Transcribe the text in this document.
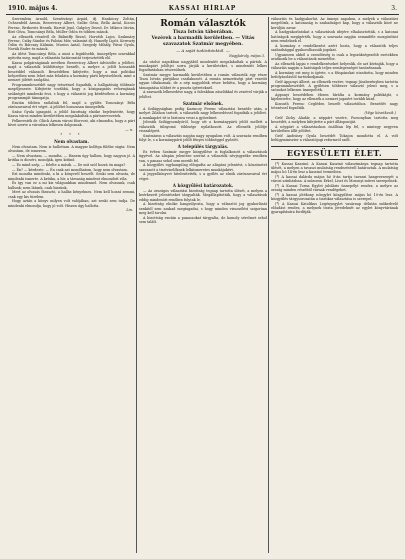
1910. május 4.	KASSAI HÍRLAP	3.

Szeremlein Arnold, Szentiványi Árpád, ifj. Hankóczy Zoltán, Ochsenfeld Ármin, Berzeviczy Albert, Szőke Géza, Bella Antal, Kocsis Ferenc, Berkovits Henrik, Harvát Jenő, Galgócy Dezső, Dr. Mikecz István, Biró Géza, Tomcsányi Béla, Müller Ödön és többen mások.

Az ellenzék részéről dr. Bálintffy Rezső, Horváth Lajos, Szakmáry Ferenc, Csiky Sándor és Palotai Mór, valamint ifj. Hanzély Lipót, Kereszty Ödön és Bárczay Kálmán, Mustos Antal, Szegedy Mihály, Pávai Gyula, Novák Endre és mások.

Az ülést Tomcsányi Béla, a mint a legidősebb, ünnepélyes szavakkal nyitotta meg, majd a választás határozatát terjesztették elő.

Kassa polgárságának nevében Berzeviczy Albert üdvözölte a jelöltet, majd a választók küldöttsége beszélt, a melyre a jelölt hosszabb beszéddel válaszolt. Beszédében kifejtette, hogy a mai politikai helyzetben nem lehet más feladata a kormány párti képviselőnek, mint a nemzet jólétét szolgálni.

Programmbeszédét nagy tetszéssel fogadták, a hallgatóság többször megéljenezte. Kifejtette továbbá, hogy a közigazgatás reformjának szükségét mindenki érzi, s hogy a választói jog kérdésében a kormány programmját támogatja.

Ezután többen szólaltak fel, majd a gyűlés Tomcsányi Béla zárószavaival ért véget. A jelöltet hosszasan ünnepelték.

Szász Gyula igazgató, a jelölő bizottság elnöke bejelentette, hogy Kassa város minden kerületében megalakultak a pártszervezetek.

Felkeresték dr. Glück Ármin városi főorvost, aki elmondta, hogy a párt hívei szerte a városban lelkesen dolgoznak.

— n.
* * *
Nem olvastam.

Nem olvastam. Nem is hallottam. A magyar kolléga fülébe súgta: Nem olvastam, de ismerem.

— Nem olvastam, — mondta. — Hanem úgy hallom, hogy nagyon jó. A kritika is dicséri, mondják, igen kitűnő.

— Ez mind szép, — felelte a másik. — De mit szól hozzá ön maga?

— Én? — kérdezte. — Én csak azt mondhatom, hogy nem olvastam.

Ezt mondta mindenki, a ki a könyvről beszélt. Senki sem olvasta, de mindenki ismerte. A kritika, a hír, a társaság mindent elmondott róla.

És így van ez a mi kis világunkban mindennel. Nem olvasunk, csak hallunk; nem látunk, csak hiszünk.

Mert az olvasás fárasztó, a hallás kényelmes. Nem kell hozzá semmi, csak egy kis türelem.

Hogy aztán a könyv milyen volt valójában, azt senki sem tudja. De mindenki elmondja, hogy jó volt. Hiszen úgy hallotta.

Lin.
Román választók
Tisza István táborában.
Vezérek a harmadik kerületben. — Vitás szavazatok Szatmár megyében.
— A saját tudósítónktól. —
Nagykároly, május 3.

Az utolsó napokban nagyjából mindenütt megalakultak a pártok. A munkapárt jelöltjei sorra járják a kerületeket, s mindenütt lelkes fogadtatásban részesülnek.

Szatmár megye harmadik kerületében a román választók egy része Tisza István pártjához csatlakozott. A román nemzetiségi párt vezetői ugyan tiltakoznak, de a nép nagyobbik része belátta, hogy a kormány támogatása többet ér a puszta ígéreteknél.

A szavazók lelkesedése nagy, a falvakban zászlókkal és zenével várják a jelöltet.

Szatmár elsőnek.

A Szilágyságban pedig Kazinczy Ferenc választási beszéde után, a melyet Zilahon tartott, a választók nagy lelkesedéssel fogadták a jelöltet. A munkapárt itt is biztosra veszi a győzelmet.

Jelentik Szilágysomlyóról, hogy ott a kormánypárti jelölt mellett a választók túlnyomó többsége nyilatkozott. Az ellenzék jelöltje visszalépett.

Szatmáron a választás napján nagy nyugalom volt. A szavazás rendben folyt le, s a kormánypárti jelölt fényes többséggel győzött.

A település tárgyalás.

Ez évben Szatmár megye közgyűlése is foglalkozott a választások ügyével. Az alispán jelentése szerint a választók névjegyzéke rendben van, s panasz sehol sem merült fel.

A közgyűlés egyhangúlag elfogadta az alispáni jelentést, s köszönetet szavazott a tisztviselőknek lelkiismeretes munkájukért.

A jegyzőkönyvet hitelesítették, s a gyűlés az elnök zárószavaival ért véget.

A közgyűlési határozatok.

— Az országos választási bizottság tegnap tartotta ülését, a melyen a beérkezett jelentéseket tárgyalták. Megállapították, hogy a választások eddig mindenütt rendben folytak le.

A bizottság elnöke hangsúlyozta, hogy a választói jog gyakorlását senkitől sem szabad megtagadni, s hogy minden visszaélést szigorúan meg kell torolni.

A bizottság ezután a panaszokat tárgyalta, de komoly sérelmet sehol sem talált.

választás és hadgyakorlat. Az ünnepi napokon, a melyek a választást megelőzik, a katonaság is szabadságot kap, hogy a választók közé ne kerüljön zavar.

A hadgyakorlatokat a választások idejére elhalasztották, s a katonai hatóságok megígérték, hogy a szavazás napján semmiféle mozgósítást nem rendelnek el.

A kormány e rendelkezést azért hozta, hogy a választók teljes szabadsággal gyakorolhassák jogukat.

Ugyanezen okból a csendőrség is csak a legszükségesebb esetekben avatkozik be a választások menetébe.

Az ellenzék lapjai e rendelkezéseket helyeslik, de azt kívánják, hogy a választás napján a hatóságok teljes semlegességet tanúsítsanak.

A kormány ezt meg is ígérte, s a főispánokat utasította, hogy minden befolyásolástól tartózkodjanak.

Gróf Apponyi Albert, az ellenzék vezére, tegnap Jászberényben tartotta programmbeszédét. A gyűlésen többezer választó jelent meg, s a szónokot lelkesen ünnepelték.

Apponyi beszédében élesen bírálta a kormány politikáját, s kijelentette, hogy az ellenzék a nemzet jogaiért tovább küzd.

Kossuth Ferenc Cegléden beszélt választóihoz. Beszédét nagy tetszéssel fogadták.

(Vége következik.)

Gróf Zichy Aladár, a néppárt vezére, Pozsonyban tartotta meg beszédét, a melyben kifejtette a párt álláspontját.

A néppárt a választásokon önállóan lép fel, s mintegy negyven kerületben állít jelöltet.

Gróf Andrássy Gyula beszédét Tokajon mondotta el. A volt belügyminiszter a választójogi reformról szólt.

EGYESÜLETI ÉLET.

(*) Kassai Kaszinó. A Kassai Kaszinó választmánya tegnap tartotta ülését, a melyen a tavaszi mulatság rendezéséről határoztak. A mulatság május hó 14-én lesz a kaszinó termeiben.

(*) A kassai dalárda május hó 8-án tartja tavaszi hangversenyét a városi színházban. A műsoron Erkel, Liszt és Mosonyi művei szerepelnek.

(*) A Kassai Torna Egylet jubiláris ünnepélyt rendez, a melyre az ország minden részéből várnak vendégeket.

(*) A kassai jótékony nőegylet közgyűlése május hó 10-én lesz. A közgyűlés tárgysorozatán a tisztikar választása is szerepel.

(*) A Kassai Katolikus Legényegylet vasárnap délután műkedvelő előadást rendez, a melynek tiszta jövedelmét az egylet könyvtárának gyarapítására fordítják.
